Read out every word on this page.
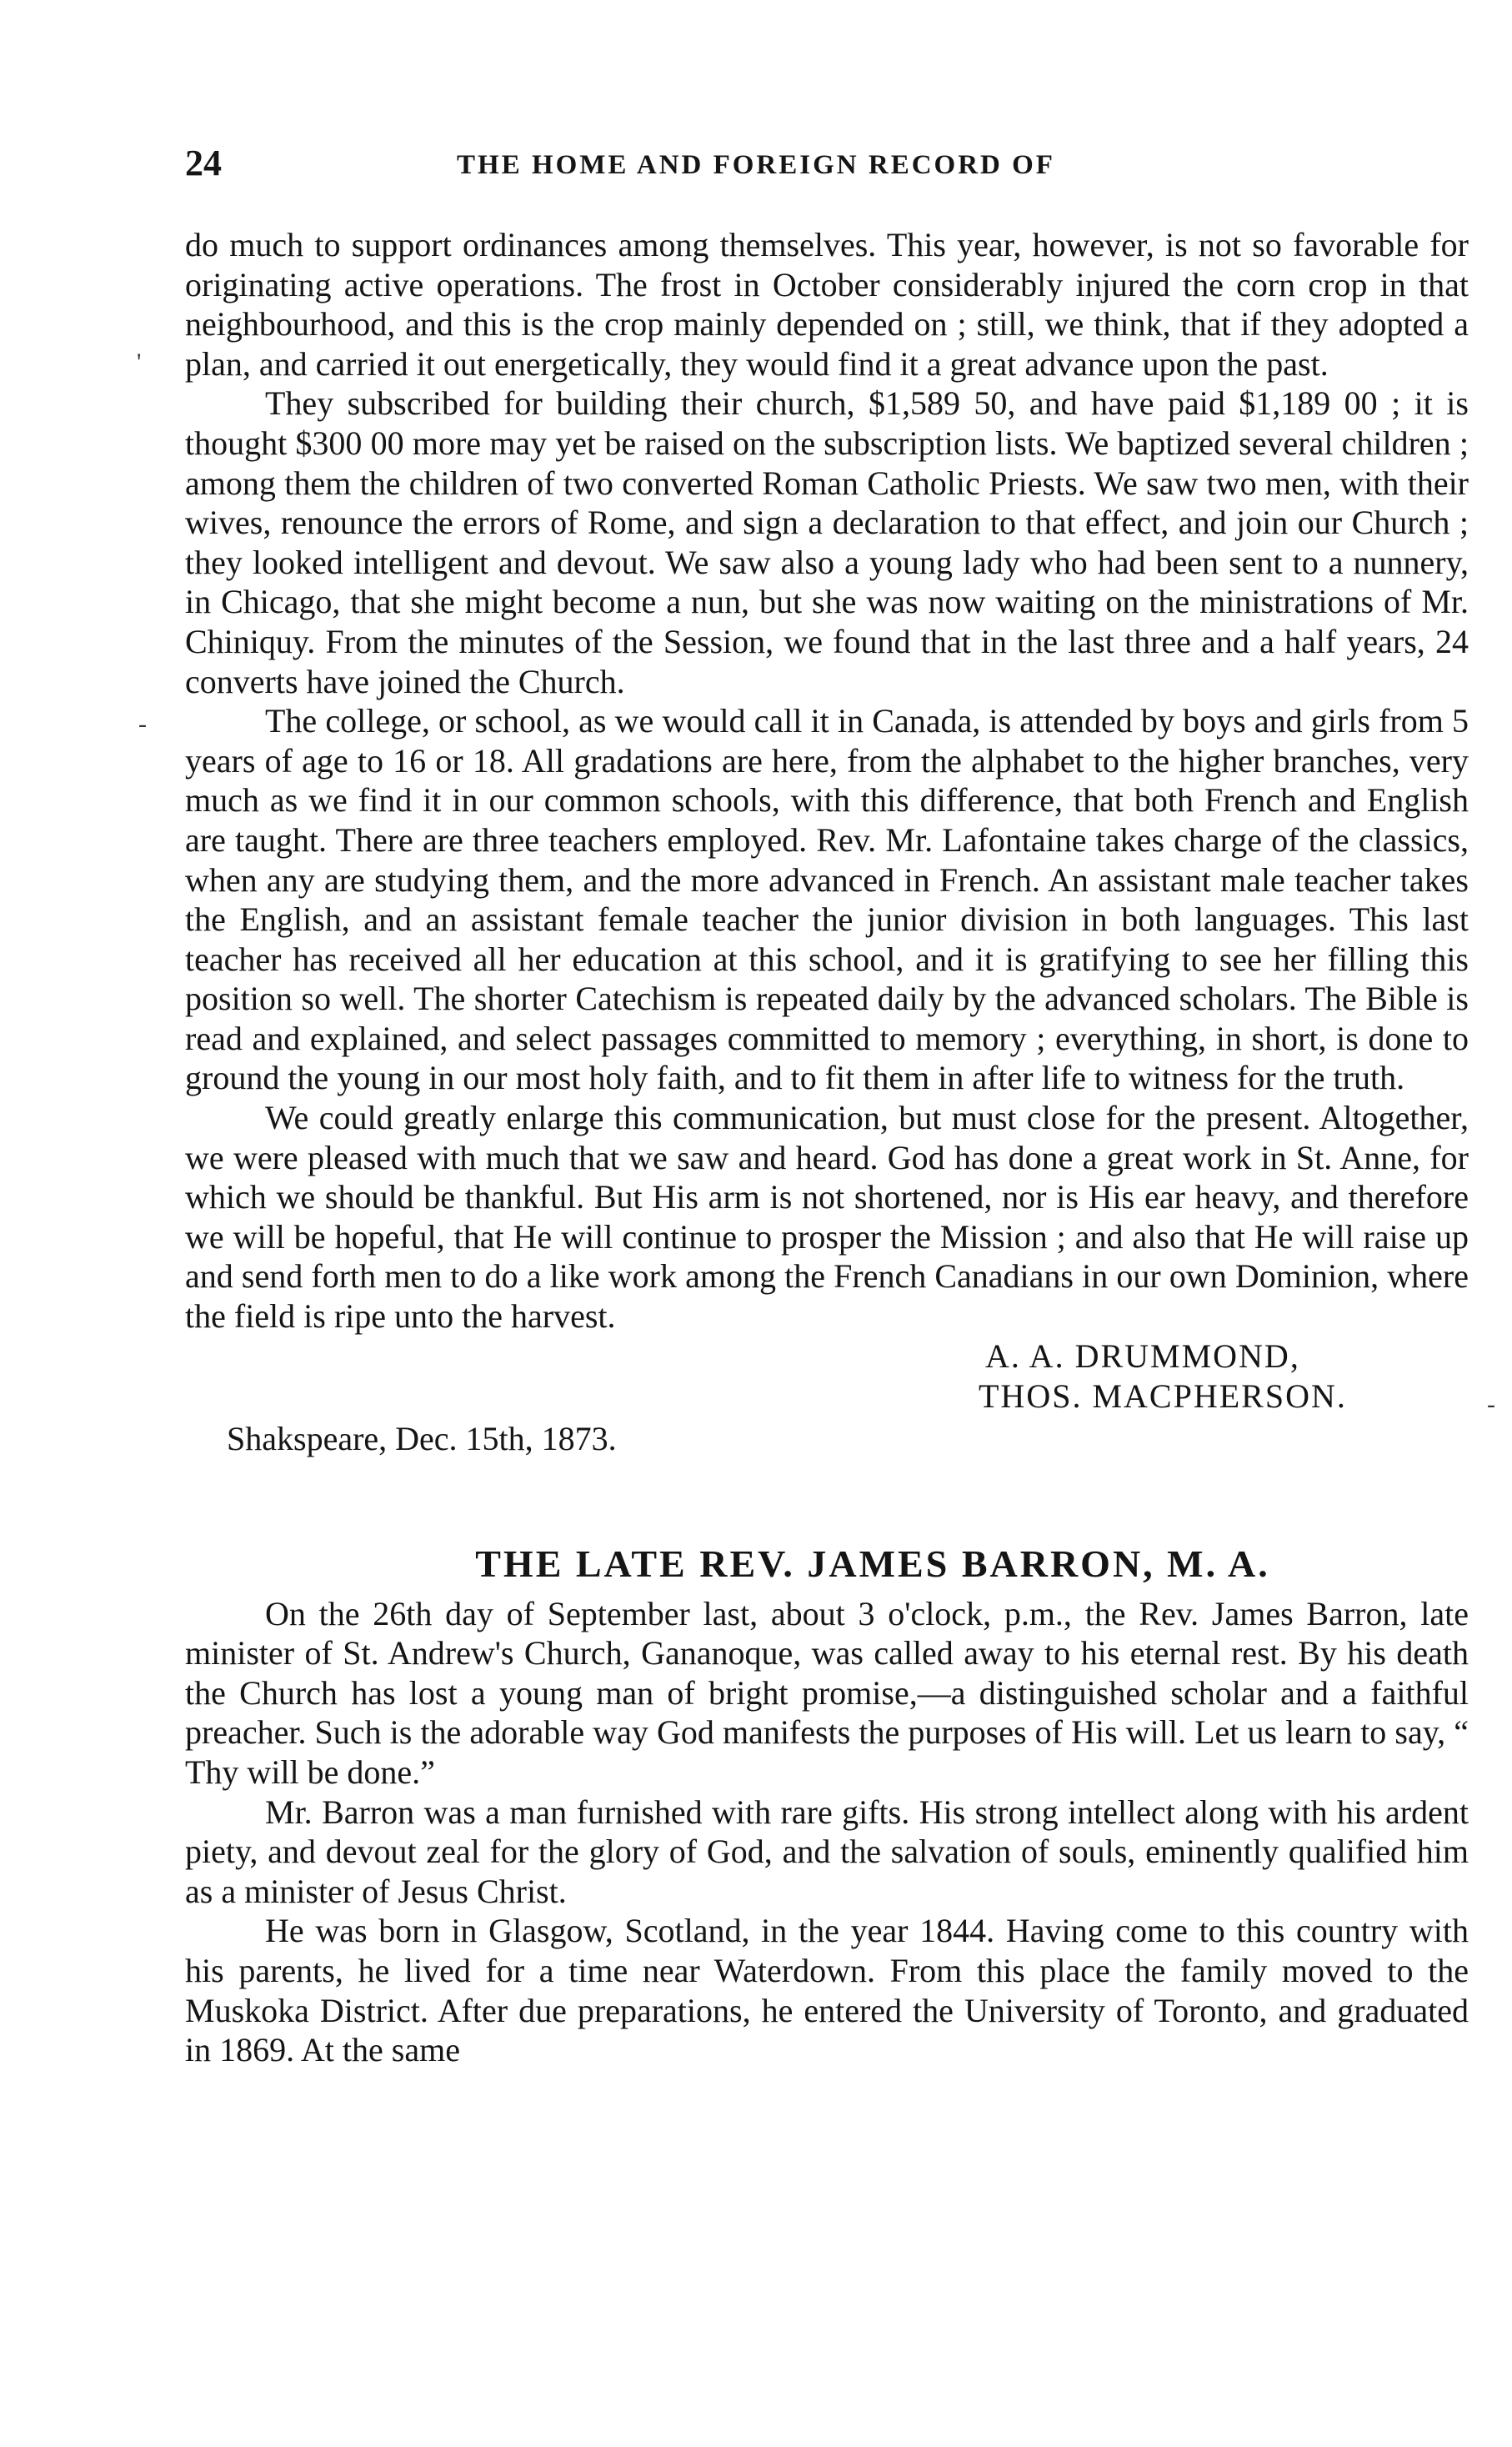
24	THE HOME AND FOREIGN RECORD OF
'
-
-

do much to support ordinances among themselves. This year, however, is not so favorable for originating active operations. The frost in October considerably injured the corn crop in that neighbourhood, and this is the crop mainly depended on ; still, we think, that if they adopted a plan, and carried it out energetically, they would find it a great advance upon the past.

They subscribed for building their church, $1,589 50, and have paid $1,189 00 ; it is thought $300 00 more may yet be raised on the subscription lists. We baptized several children ; among them the children of two converted Roman Catholic Priests. We saw two men, with their wives, renounce the errors of Rome, and sign a declaration to that effect, and join our Church ; they looked intelligent and devout. We saw also a young lady who had been sent to a nunnery, in Chicago, that she might become a nun, but she was now waiting on the ministrations of Mr. Chiniquy. From the minutes of the Session, we found that in the last three and a half years, 24 converts have joined the Church.

The college, or school, as we would call it in Canada, is attended by boys and girls from 5 years of age to 16 or 18. All gradations are here, from the alphabet to the higher branches, very much as we find it in our common schools, with this difference, that both French and English are taught. There are three teachers employed. Rev. Mr. Lafontaine takes charge of the classics, when any are studying them, and the more advanced in French. An assistant male teacher takes the English, and an assistant female teacher the junior division in both languages. This last teacher has received all her education at this school, and it is gratifying to see her filling this position so well. The shorter Catechism is repeated daily by the advanced scholars. The Bible is read and explained, and select passages committed to memory ; everything, in short, is done to ground the young in our most holy faith, and to fit them in after life to witness for the truth.

We could greatly enlarge this communication, but must close for the present. Altogether, we were pleased with much that we saw and heard. God has done a great work in St. Anne, for which we should be thankful. But His arm is not shortened, nor is His ear heavy, and therefore we will be hopeful, that He will continue to prosper the Mission ; and also that He will raise up and send forth men to do a like work among the French Canadians in our own Dominion, where the field is ripe unto the harvest.

A. A. DRUMMOND,
THOS. MACPHERSON.
Shakspeare, Dec. 15th, 1873.
THE LATE REV. JAMES BARRON, M. A.

On the 26th day of September last, about 3 o'clock, p.m., the Rev. James Barron, late minister of St. Andrew's Church, Gananoque, was called away to his eternal rest. By his death the Church has lost a young man of bright promise,—a distinguished scholar and a faithful preacher. Such is the adorable way God manifests the purposes of His will. Let us learn to say, “ Thy will be done.”

Mr. Barron was a man furnished with rare gifts. His strong intellect along with his ardent piety, and devout zeal for the glory of God, and the salvation of souls, eminently qualified him as a minister of Jesus Christ.

He was born in Glasgow, Scotland, in the year 1844. Having come to this country with his parents, he lived for a time near Waterdown. From this place the family moved to the Muskoka District. After due preparations, he entered the University of Toronto, and graduated in 1869. At the same
